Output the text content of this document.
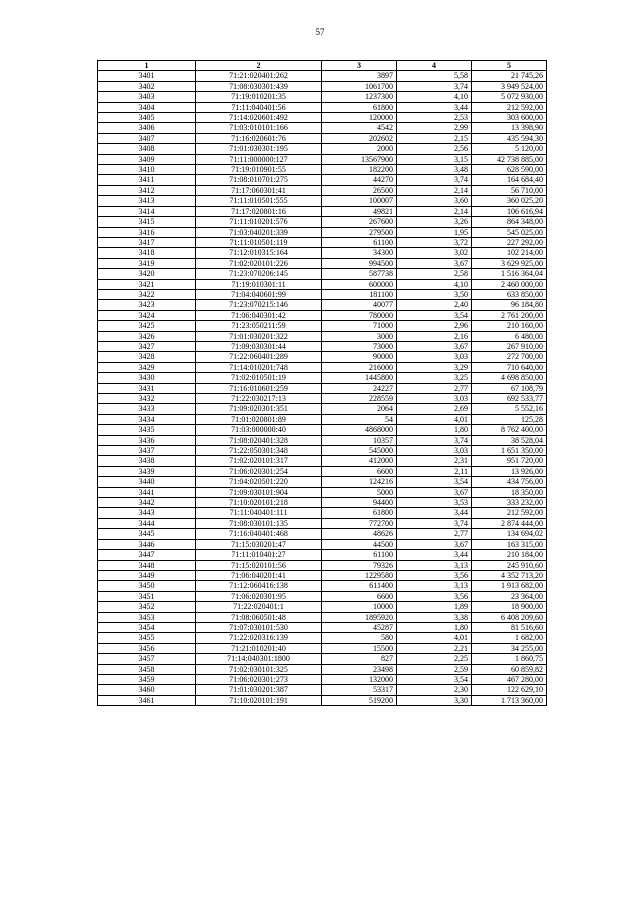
57
1	2	3	4	5
3401	71:21:020401:262	3897	5,58	21 745,26
3402	71:08:030301:439	1061700	3,74	3 949 524,00
3403	71:19:010201:35	1237300	4,10	5 072 930,00
3404	71:11:040401:56	61800	3,44	212 592,00
3405	71:14:020601:492	120000	2,53	303 600,00
3406	71:03:010101:166	4542	2,99	13 398,90
3407	71:16:020601:76	202602	2,15	435 594,30
3408	71:01:030301:195	2000	2,56	5 120,00
3409	71:11:000000:127	13567900	3,15	42 738 885,00
3410	71:19:010901:55	182200	3,48	628 590,00
3411	71:08:010701:275	44270	3,74	164 684,40
3412	71:17:060301:41	26500	2,14	56 710,00
3413	71:11:010501:555	100007	3,60	360 025,20
3414	71:17:020801:16	49821	2,14	106 616,94
3415	71:11:010201:576	267600	3,26	864 348,00
3416	71:03:040201:339	279500	1,95	545 025,00
3417	71:11:010501:119	61100	3,72	227 292,00
3418	71:12:010315:164	34300	3,02	102 214,00
3419	71:02:020101:226	994500	3,67	3 629 925,00
3420	71:23:070206:145	587738	2,58	1 516 364,04
3421	71:19:010301:11	600000	4,10	2 460 000,00
3422	71:04:040601:99	181100	3,50	633 850,00
3423	71:23:070215:146	40077	2,40	96 184,80
3424	71:06:040301:42	780000	3,54	2 761 200,00
3425	71:23:050211:59	71000	2,96	210 160,00
3426	71:01:030201:322	3000	2,16	6 480,00
3427	71:09:030301:44	73000	3,67	267 910,00
3428	71:22:060401:289	90000	3,03	272 700,00
3429	71:14:010201:748	216000	3,29	710 640,00
3430	71:02:010501:19	1445800	3,25	4 698 850,00
3431	71:16:010601:259	24227	2,77	67 108,79
3432	71:22:030217:13	228559	3,03	692 533,77
3433	71:09:020301:351	2064	2,69	5 552,16
3434	71:01:020801:89	54	4,01	125,28
3435	71:03:000000:40	4868000	1,80	8 762 400,00
3436	71:08:020401:328	10357	3,74	38 528,04
3437	71:22:050301:348	545000	3,03	1 651 350,00
3438	71:02:020101:317	412000	2,31	951 720,00
3439	71:06:020301:254	6600	2,11	13 926,00
3440	71:04:020501:220	124216	3,54	434 756,00
3441	71:09:030101:904	5000	3,67	18 350,00
3442	71:10:020101:218	94400	3,53	333 232,00
3443	71:11:040401:111	61800	3,44	212 592,00
3444	71:08:030101:135	772700	3,74	2 874 444,00
3445	71:16:040401:468	48626	2,77	134 694,02
3446	71:15:030201:47	44500	3,67	163 315,00
3447	71:11:010401:27	61100	3,44	210 184,00
3448	71:15:020101:56	79326	3,13	245 910,60
3449	71:06:040201:41	1229580	3,56	4 352 713,20
3450	71:12:060416:138	611400	3,13	1 913 682,00
3451	71:06:020301:95	6600	3,56	23 364,00
3452	71:22:020401:1	10000	1,89	18 900,00
3453	71:08:060501:48	1895920	3,38	6 408 209,60
3454	71:07:030101:530	45287	1,80	81 516,60
3455	71:22:020316:139	580	4,01	1 682,00
3456	71:21:010201:40	15500	2,21	34 255,00
3457	71:14:040301:1800	827	2,25	1 860,75
3458	71:02:030101:325	23498	2,59	60 859,82
3459	71:06:020301:273	132000	3,54	467 280,00
3460	71:01:030201:387	53317	2,30	122 629,10
3461	71:10:020101:191	519200	3,30	1 713 360,00
